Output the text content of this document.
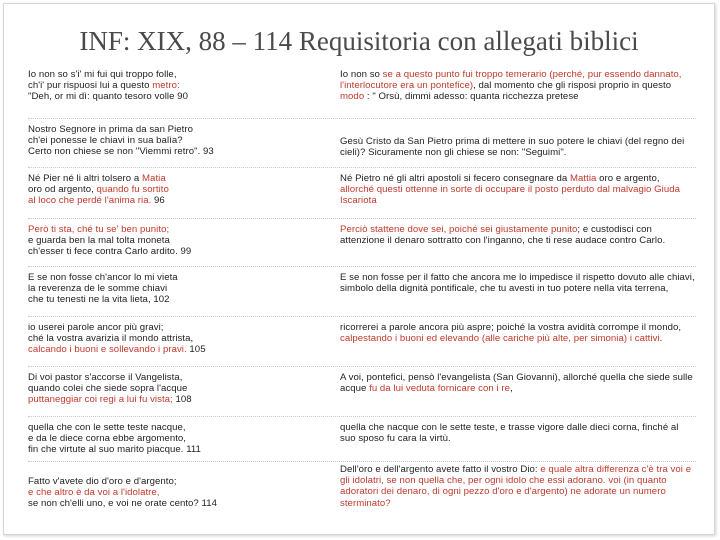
INF: XIX, 88 – 114 Requisitoria con allegati biblici
Io non so s'i' mi fui qui troppo folle,
ch'i' pur rispuosi lui a questo metro:
"Deh, or mi dì: quanto tesoro volle 90
Io non so se a questo punto fui troppo temerario (perché, pur essendo dannato, l'interlocutore era un pontefice), dal momento che gli risposi proprio in questo modo : " Orsù, dimmi adesso: quanta ricchezza pretese
Nostro Segnore in prima da san Pietro
ch'ei ponesse le chiavi in sua balìa?
Certo non chiese se non "Viemmi retro". 93
Gesù Cristo da San Pietro prima di mettere in suo potere le chiavi (del regno dei cieli)? Sicuramente non gli chiese se non: "Seguimi".
Né Pier né li altri tolsero a Matia
oro od argento, quando fu sortito
al loco che perdé l'anima ria. 96
Né Pietro né gli altri apostoli si fecero consegnare da Mattia oro e argento, allorché questi ottenne in sorte di occupare il posto perduto dal malvagio Giuda Iscariota
Però ti sta, ché tu se' ben punito;
e guarda ben la mal tolta moneta
ch'esser ti fece contra Carlo ardito. 99
Perciò stattene dove sei, poiché sei giustamente punito; e custodisci con attenzione il denaro sottratto con l'inganno, che ti rese audace contro Carlo.
E se non fosse ch'ancor lo mi vieta
la reverenza de le somme chiavi
che tu tenesti ne la vita lieta, 102
E se non fosse per il fatto che ancora me lo impedisce il rispetto dovuto alle chiavi, simbolo della dignità pontificale, che tu avesti in tuo potere nella vita terrena,
io userei parole ancor più gravi;
ché la vostra avarizia il mondo attrista,
calcando i buoni e sollevando i pravi. 105
ricorrerei a parole ancora più aspre; poiché la vostra avidità corrompe il mondo, calpestando i buoni ed elevando (alle cariche più alte, per simonia) i cattivi.
Di voi pastor s'accorse il Vangelista,
quando colei che siede sopra l'acque
puttaneggiar coi regi a lui fu vista; 108
A voi, pontefici, pensò l'evangelista (San Giovanni), allorché quella che siede sulle acque fu da lui veduta fornicare con i re,
quella che con le sette teste nacque,
e da le diece corna ebbe argomento,
fin che virtute al suo marito piacque. 111
quella che nacque con le sette teste, e trasse vigore dalle dieci corna, finché al suo sposo fu cara la virtù.
Fatto v'avete dio d'oro e d'argento;
e che altro è da voi a l'idolatre,
se non ch'elli uno, e voi ne orate cento? 114
Dell'oro e dell'argento avete fatto il vostro Dio: e quale altra differenza c'è tra voi e gli idolatri, se non quella che, per ogni idolo che essi adorano. voi (in quanto adoratori dei denaro, di ogni pezzo d'oro e d'argento) ne adorate un numero sterminato?
